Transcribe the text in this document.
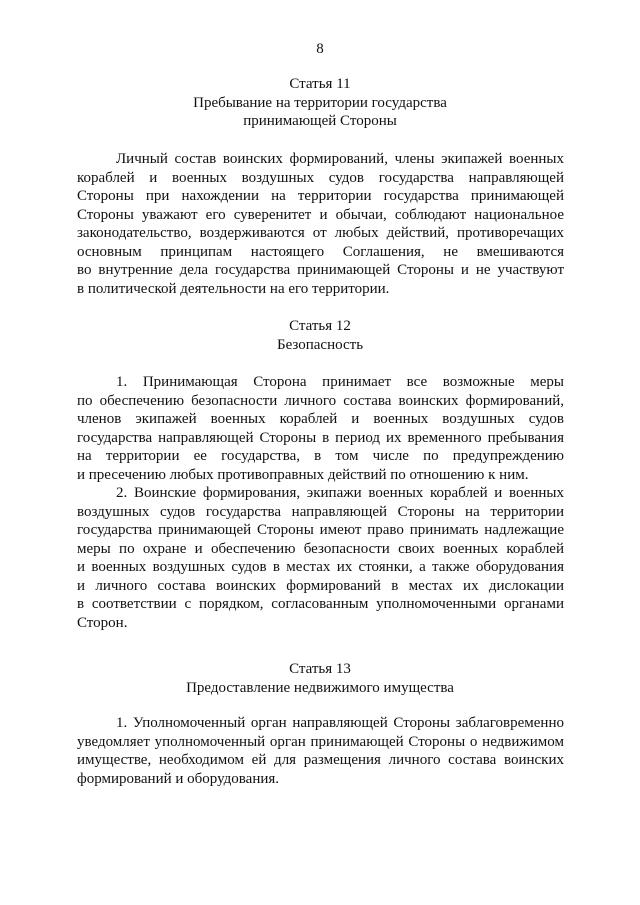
8
Статья 11
Пребывание на территории государства
принимающей Стороны
Личный состав воинских формирований, члены экипажей военных
кораблей и военных воздушных судов государства направляющей
Стороны при нахождении на территории государства принимающей
Стороны уважают его суверенитет и обычаи, соблюдают национальное
законодательство, воздерживаются от любых действий, противоречащих
основным принципам настоящего Соглашения, не вмешиваются
во внутренние дела государства принимающей Стороны и не участвуют
в политической деятельности на его территории.
Статья 12
Безопасность
1. Принимающая Сторона принимает все возможные меры
по обеспечению безопасности личного состава воинских формирований,
членов экипажей военных кораблей и военных воздушных судов
государства направляющей Стороны в период их временного пребывания
на территории ее государства, в том числе по предупреждению
и пресечению любых противоправных действий по отношению к ним.
2. Воинские формирования, экипажи военных кораблей и военных
воздушных судов государства направляющей Стороны на территории
государства принимающей Стороны имеют право принимать надлежащие
меры по охране и обеспечению безопасности своих военных кораблей
и военных воздушных судов в местах их стоянки, а также оборудования
и личного состава воинских формирований в местах их дислокации
в соответствии с порядком, согласованным уполномоченными органами
Сторон.
Статья 13
Предоставление недвижимого имущества
1. Уполномоченный орган направляющей Стороны заблаговременно
уведомляет уполномоченный орган принимающей Стороны о недвижимом
имуществе, необходимом ей для размещения личного состава воинских
формирований и оборудования.
